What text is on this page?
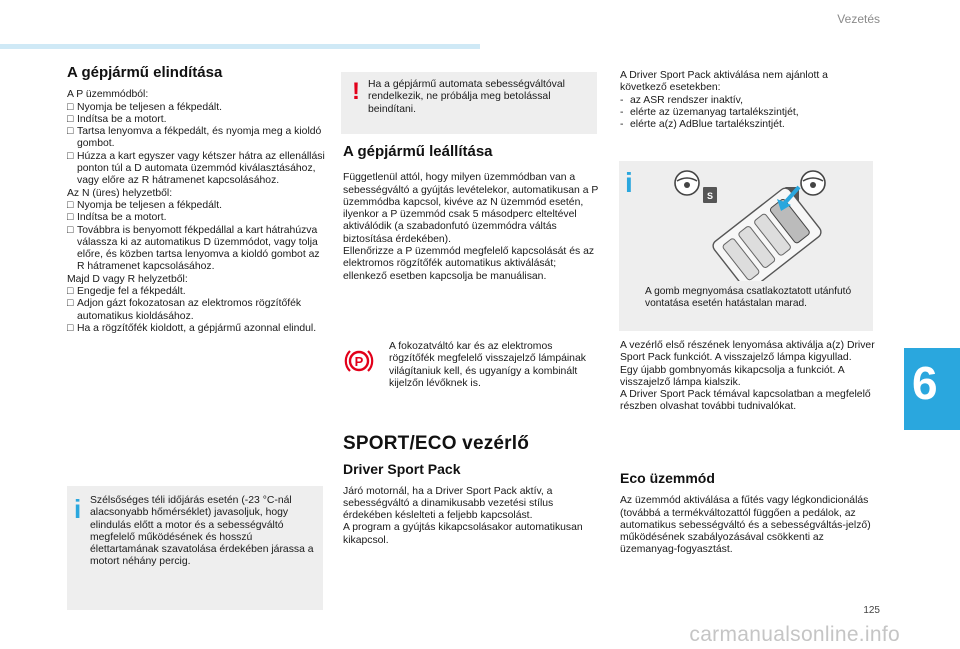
Vezetés
6
125
carmanualsonline.info
A gépjármű elindítása

A P üzemmódból:

□ Nyomja be teljesen a fékpedált.
□ Indítsa be a motort.
□ Tartsa lenyomva a fékpedált, és nyomja meg a kioldó gombot.
□ Húzza a kart egyszer vagy kétszer hátra az ellenállási ponton túl a D automata üzemmód kiválasztásához, vagy előre az R hátramenet kapcsolásához.

Az N (üres) helyzetből:

□ Nyomja be teljesen a fékpedált.
□ Indítsa be a motort.
□ Továbbra is benyomott fékpedállal a kart hátrahúzva válassza ki az automatikus D üzemmódot, vagy tolja előre, és közben tartsa lenyomva a kioldó gombot az R hátramenet kapcsolásához.

Majd D vagy R helyzetből:

□ Engedje fel a fékpedált.
□ Adjon gázt fokozatosan az elektromos rögzítőfék automatikus kioldásához.
□ Ha a rögzítőfék kioldott, a gépjármű azonnal elindul.
i Szélsőséges téli időjárás esetén (-23 °C-nál alacsonyabb hőmérséklet) javasoljuk, hogy elindulás előtt a motor és a sebességváltó megfelelő működésének és hosszú élettartamának szavatolása érdekében járassa a motort néhány percig.
! Ha a gépjármű automata sebességváltóval rendelkezik, ne próbálja meg betolással beindítani.
A gépjármű leállítása

Függetlenül attól, hogy milyen üzemmódban van a sebességváltó a gyújtás levételekor, automatikusan a P üzemmódba kapcsol, kivéve az N üzemmód esetén, ilyenkor a P üzemmód csak 5 másodperc elteltével aktiválódik (a szabadonfutó üzemmódra váltás biztosítása érdekében).

Ellenőrizze a P üzemmód megfelelő kapcsolását és az elektromos rögzítőfék automatikus aktiválását; ellenkező esetben kapcsolja be manuálisan.

P
A fokozatváltó kar és az elektromos rögzítőfék megfelelő visszajelző lámpáinak világítaniuk kell, és ugyanígy a kombinált kijelzőn lévőknek is.
SPORT/ECO vezérlő
Driver Sport Pack

Járó motornál, ha a Driver Sport Pack aktív, a sebességváltó a dinamikusabb vezetési stílus érdekében késlelteti a feljebb kapcsolást.

A program a gyújtás kikapcsolásakor automatikusan kikapcsol.

A Driver Sport Pack aktiválása nem ajánlott a következő esetekben:

- az ASR rendszer inaktív,
- elérte az üzemanyag tartalékszintjét,
- elérte a(z) AdBlue tartalékszintjét.
i	S
A gomb megnyomása csatlakoztatott utánfutó vontatása esetén hatástalan marad.

A vezérlő első részének lenyomása aktiválja a(z) Driver Sport Pack funkciót. A visszajelző lámpa kigyullad.

Egy újabb gombnyomás kikapcsolja a funkciót. A visszajelző lámpa kialszik.

A Driver Sport Pack témával kapcsolatban a megfelelő részben olvashat további tudnivalókat.

Eco üzemmód

Az üzemmód aktiválása a fűtés vagy légkondicionálás (továbbá a termékváltozattól függően a pedálok, az automatikus sebességváltó és a sebességváltás-jelző) működésének szabályozásával csökkenti az üzemanyag-fogyasztást.
